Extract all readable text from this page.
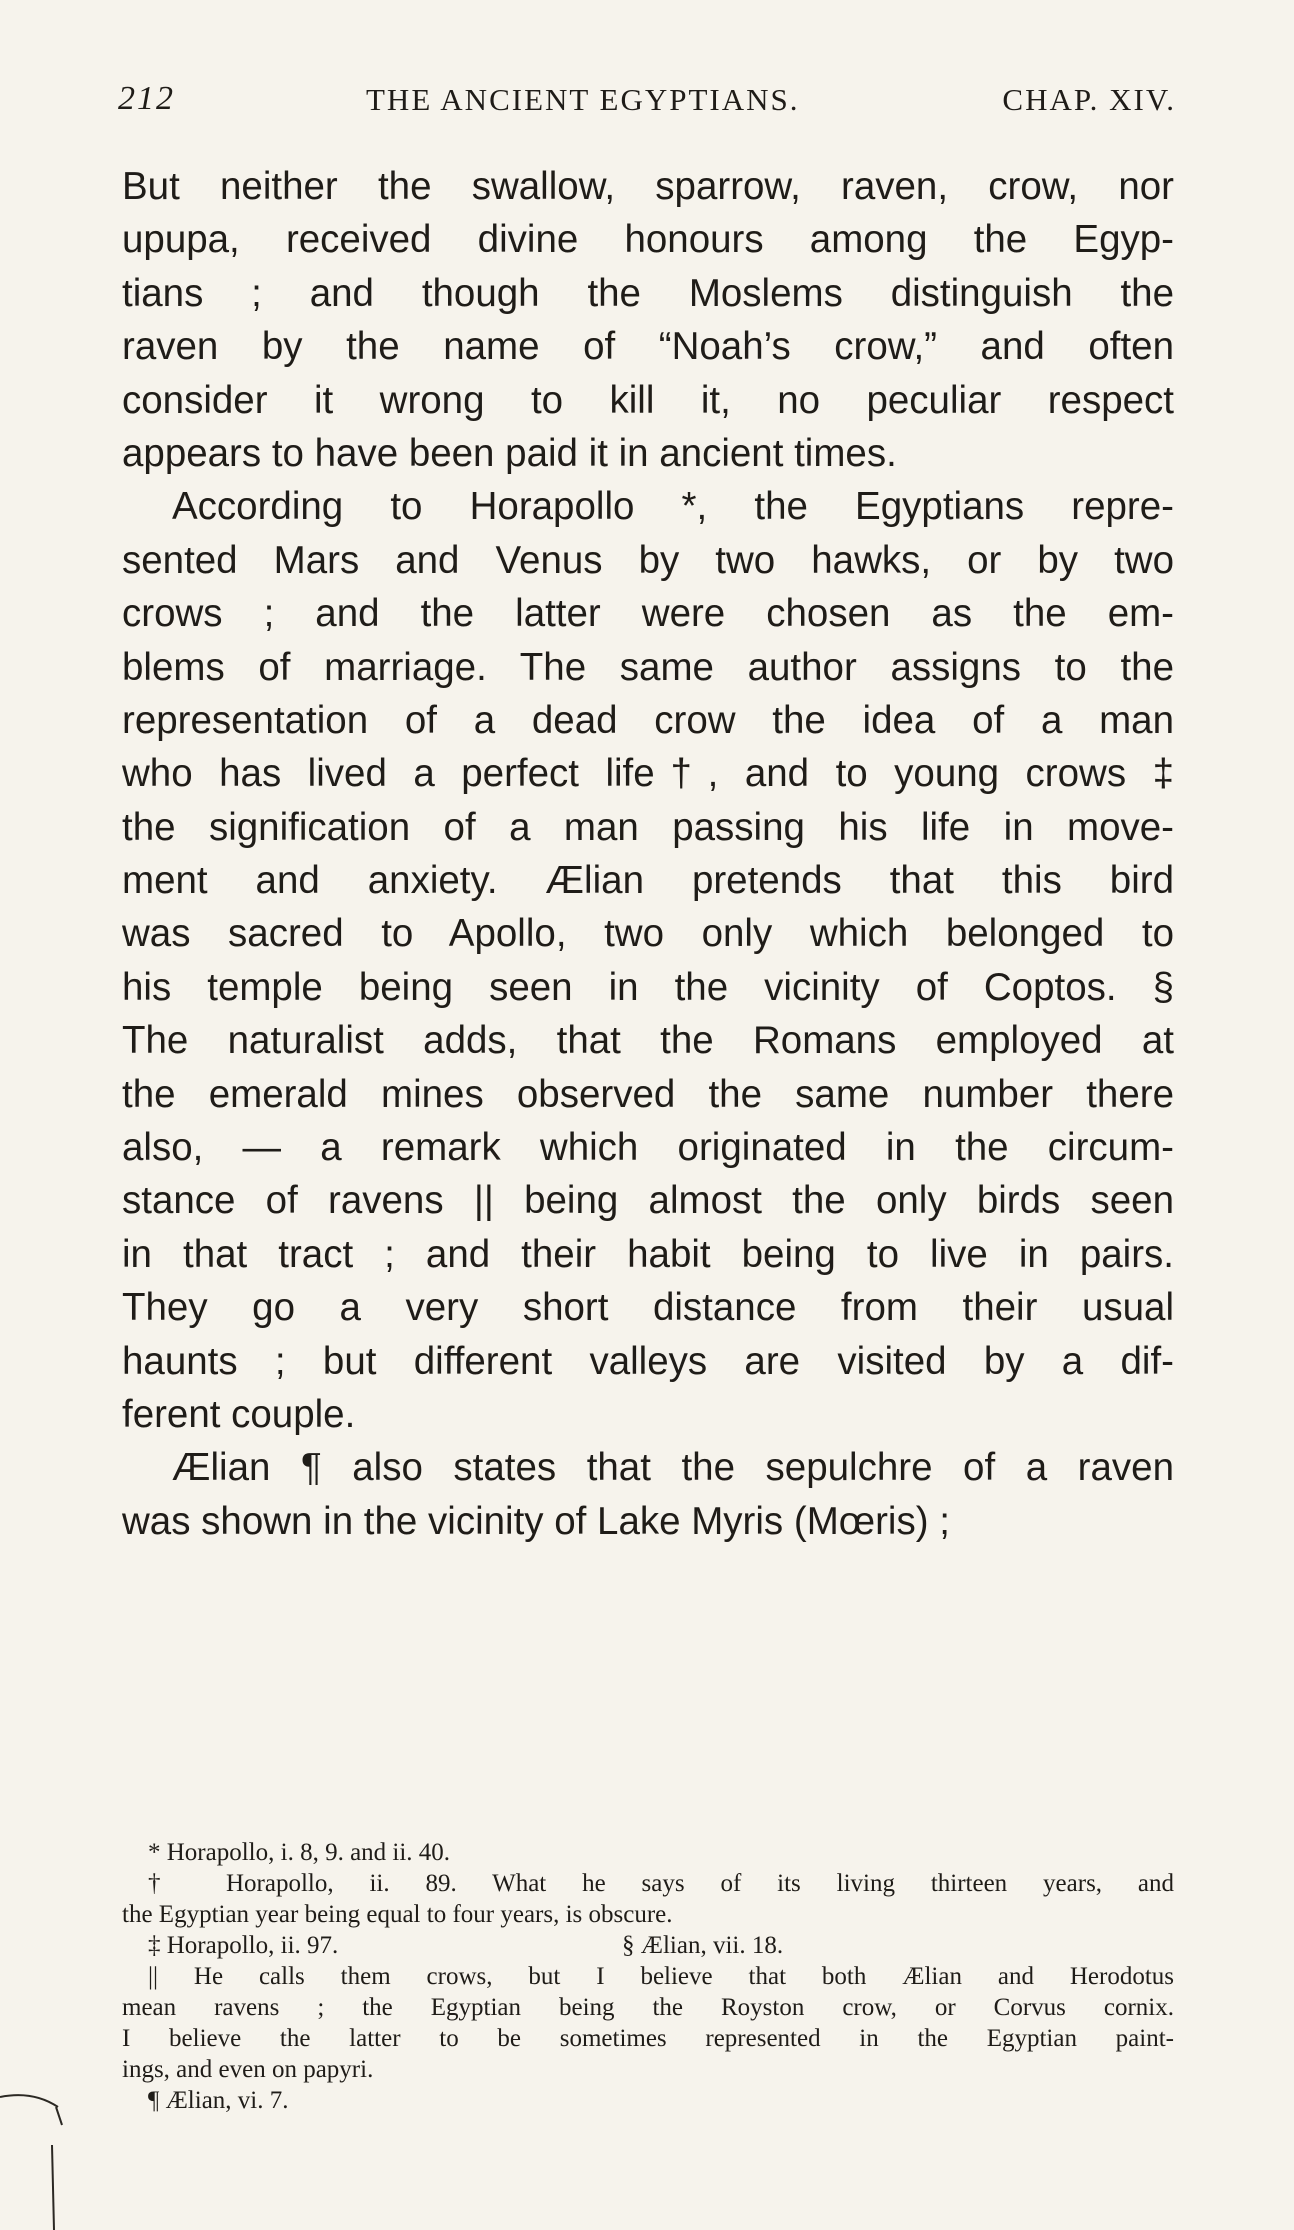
212	THE ANCIENT EGYPTIANS.	CHAP. XIV.
But neither the swallow, sparrow, raven, crow, nor
upupa, received divine honours among the Egyp-
tians ; and though the Moslems distinguish the
raven by the name of “Noah’s crow,” and often
consider it wrong to kill it, no peculiar respect
appears to have been paid it in ancient times.
According to Horapollo *, the Egyptians repre-
sented Mars and Venus by two hawks, or by two
crows ; and the latter were chosen as the em-
blems of marriage. The same author assigns to the
representation of a dead crow the idea of a man
who has lived a perfect life†, and to young crows ‡
the signification of a man passing his life in move-
ment and anxiety. Ælian pretends that this bird
was sacred to Apollo, two only which belonged to
his temple being seen in the vicinity of Coptos. §
The naturalist adds, that the Romans employed at
the emerald mines observed the same number there
also, — a remark which originated in the circum-
stance of ravens || being almost the only birds seen
in that tract ; and their habit being to live in pairs.
They go a very short distance from their usual
haunts ; but different valleys are visited by a dif-
ferent couple.
Ælian ¶ also states that the sepulchre of a raven
was shown in the vicinity of Lake Myris (Mœris) ;
* Horapollo, i. 8, 9. and ii. 40.
† Horapollo, ii. 89. What he says of its living thirteen years, and
the Egyptian year being equal to four years, is obscure.
‡ Horapollo, ii. 97.	§ Ælian, vii. 18.
|| He calls them crows, but I believe that both Ælian and Herodotus
mean ravens ; the Egyptian being the Royston crow, or Corvus cornix.
I believe the latter to be sometimes represented in the Egyptian paint-
ings, and even on papyri.
¶ Ælian, vi. 7.
